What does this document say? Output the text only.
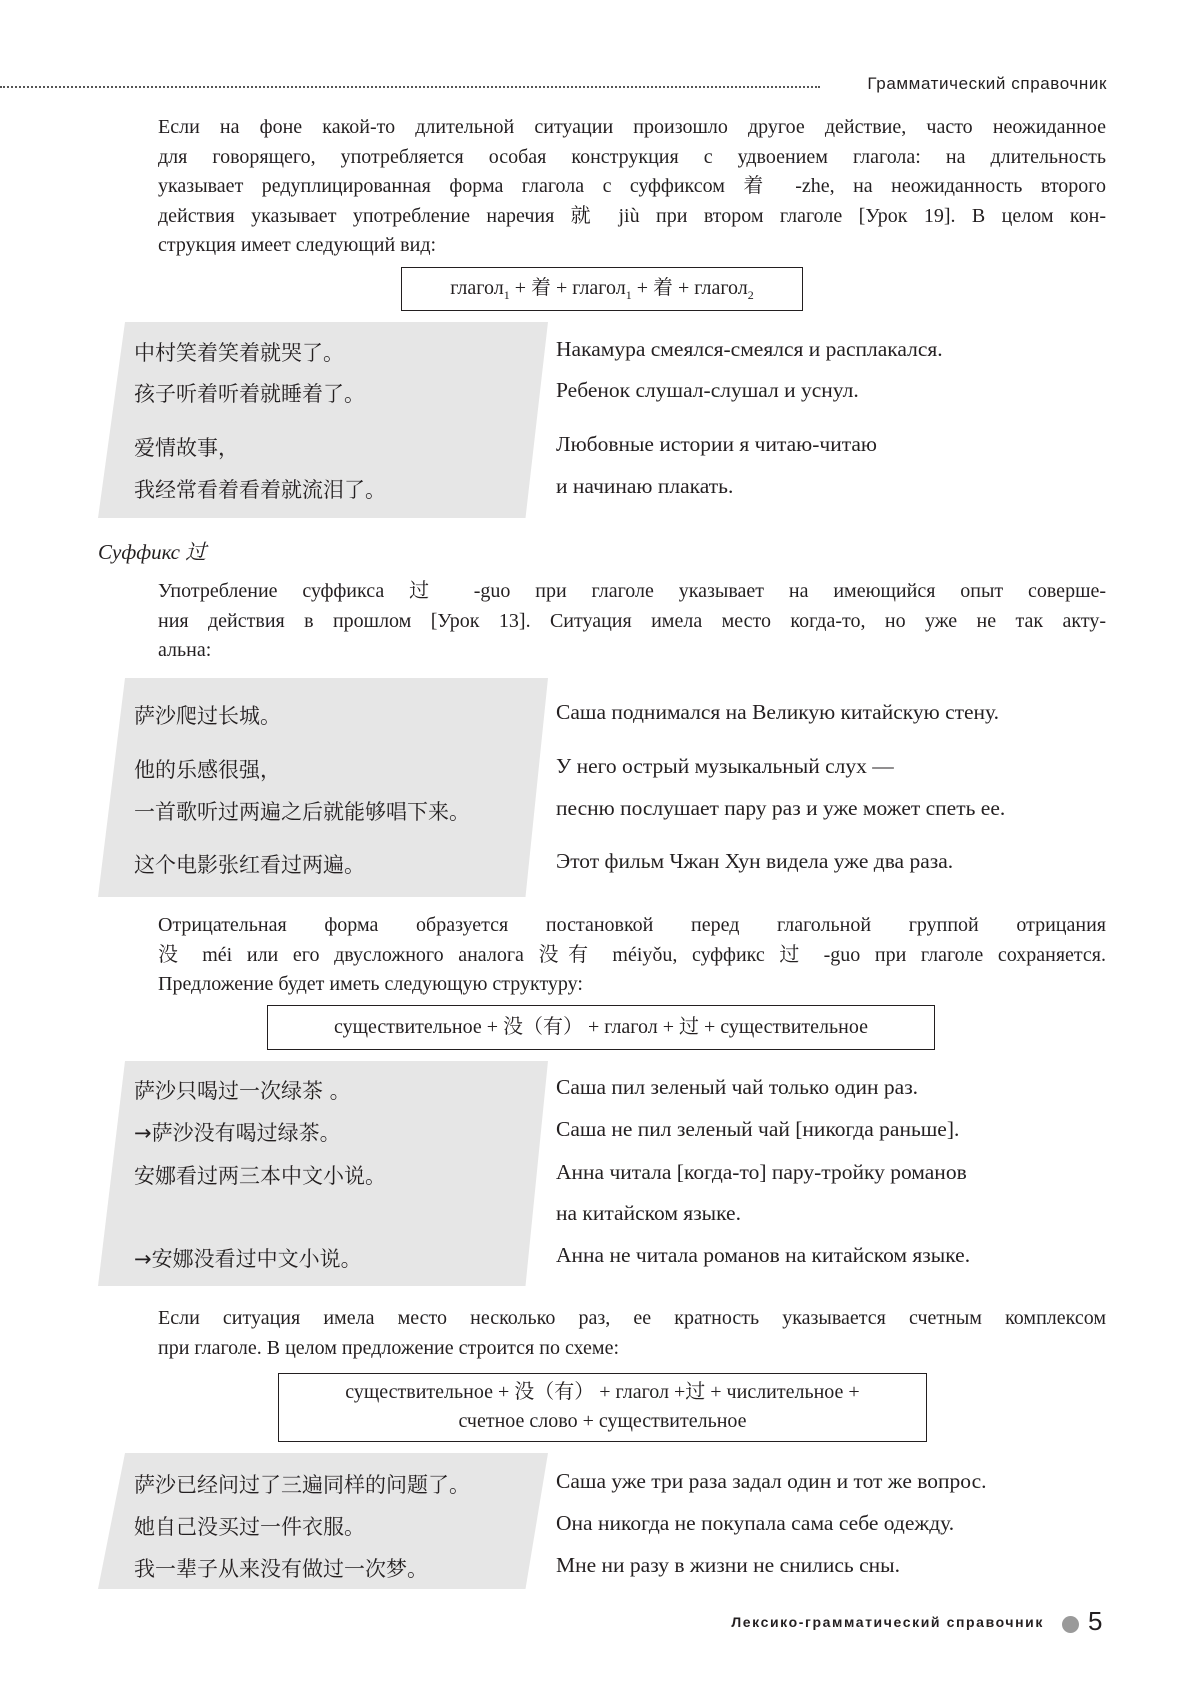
Грамматический справочник
Если на фоне какой-то длительной ситуации произошло другое действие, часто неожиданное
для говорящего, употребляется особая конструкция с удвоением глагола: на длительность
указывает редуплицированная форма глагола с суффиксом 着 -zhe, на неожиданность второго
действия указывает употребление наречия 就 jiù при втором глаголе [Урок 19]. В целом кон-
струкция имеет следующий вид:
глагол$_1$ + 着 + глагол$_1$ + 着 + глагол$_2$
中村笑着笑着就哭了。	Накамура смеялся-смеялся и расплакался.
孩子听着听着就睡着了。	Ребенок слушал-слушал и уснул.
爱情故事，	Любовные истории я читаю-читаю
我经常看着看着就流泪了。	и начинаю плакать.
Суффикс 过
Употребление суффикса 过 -guo при глаголе указывает на имеющийся опыт соверше-
ния действия в прошлом [Урок 13]. Ситуация имела место когда-то, но уже не так акту-
альна:
萨沙爬过长城。	Саша поднимался на Великую китайскую стену.
他的乐感很强，	У него острый музыкальный слух —
一首歌听过两遍之后就能够唱下来。	песню послушает пару раз и уже может спеть ее.
这个电影张红看过两遍。	Этот фильм Чжан Хун видела уже два раза.
Отрицательная форма образуется постановкой перед глагольной группой отрицания
没 méi или его двусложного аналога 没有 méiyǒu, суффикс 过 -guo при глаголе сохраняется.
Предложение будет иметь следующую структуру:
существительное + 没（有） + глагол + 过 + существительное
萨沙只喝过一次绿茶 。	Саша пил зеленый чай только один раз.
→萨沙没有喝过绿茶。	Саша не пил зеленый чай [никогда раньше].
安娜看过两三本中文小说。	Анна читала [когда-то] пару-тройку романов
на китайском языке.
→安娜没看过中文小说。	Анна не читала романов на китайском языке.
Если ситуация имела место несколько раз, ее кратность указывается счетным комплексом
при глаголе. В целом предложение строится по схеме:
существительное + 没（有） + глагол +过 + числительное +
счетное слово + существительное
萨沙已经问过了三遍同样的问题了。	Саша уже три раза задал один и тот же вопрос.
她自己没买过一件衣服。	Она никогда не покупала сама себе одежду.
我一辈子从来没有做过一次梦。	Мне ни разу в жизни не снились сны.
Лексико-грамматический справочник 5
